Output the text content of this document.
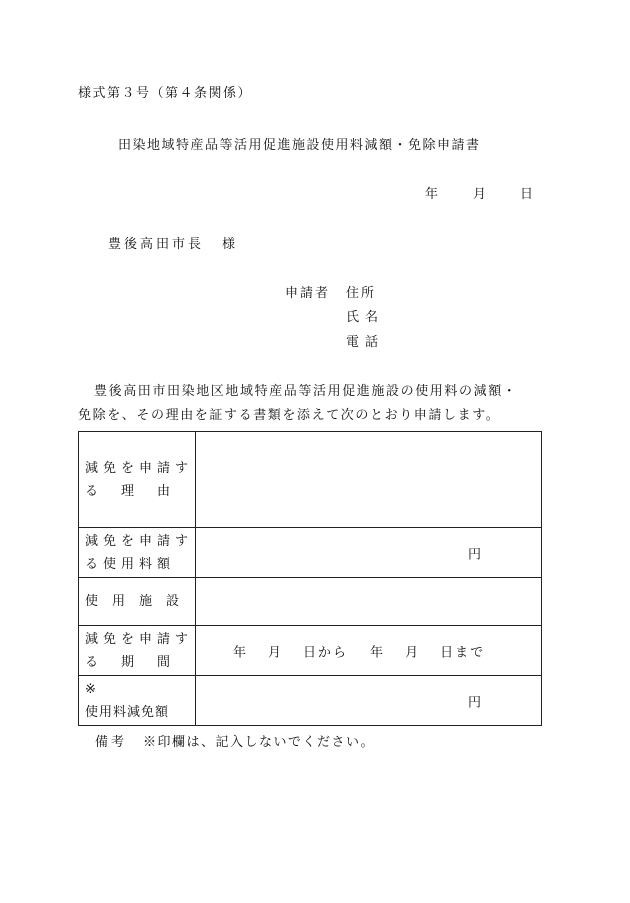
様式第３号（第４条関係）
田染地域特産品等活用促進施設使用料減額・免除申請書
年	月 日
豊後高田市長 様
申請者 住所
氏名
電話
豊後高田市田染地区地域特産品等活用促進施設の使用料の減額・
免除を、その理由を証する書類を添えて次のとおり申請します。
減免を申請す
る　理　由	

減免を申請す
る使用料額	円

使用施設	

減免を申請す
る　期　間	年 月 日から 年 月 日まで

※
使用料減免額	円
備考 ※印欄は、記入しないでください。
